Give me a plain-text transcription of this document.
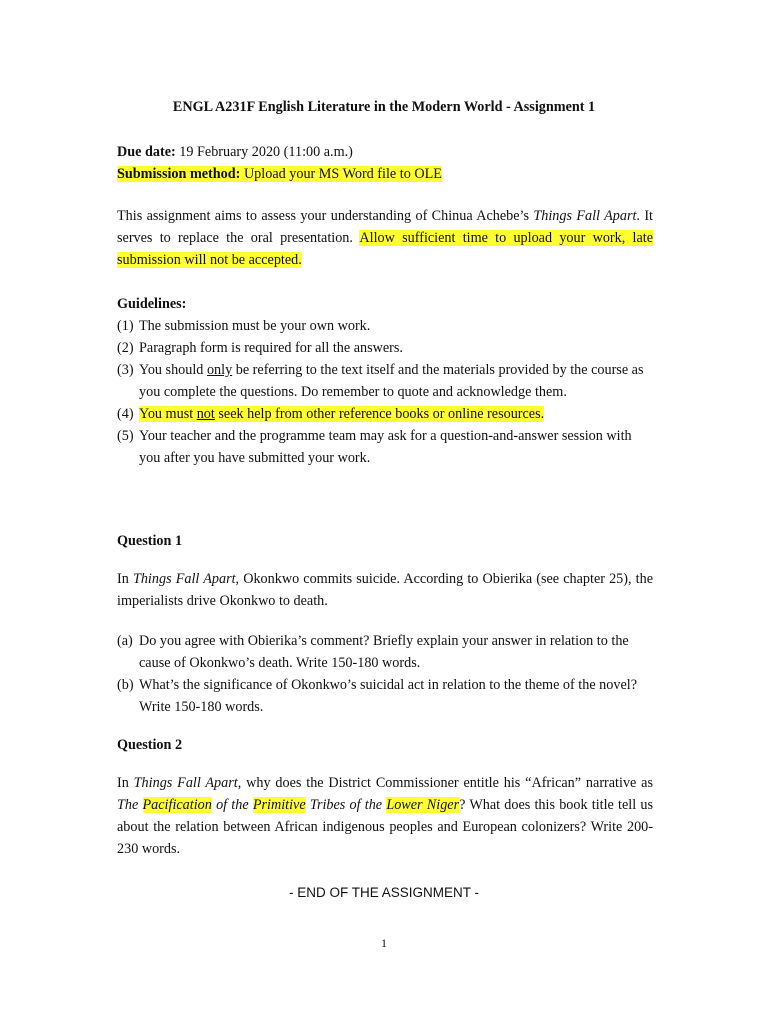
ENGL A231F English Literature in the Modern World - Assignment 1
Due date: 19 February 2020 (11:00 a.m.)
Submission method: Upload your MS Word file to OLE
This assignment aims to assess your understanding of Chinua Achebe’s Things Fall Apart. It serves to replace the oral presentation. Allow sufficient time to upload your work, late submission will not be accepted.
Guidelines:
(1) The submission must be your own work.
(2) Paragraph form is required for all the answers.
(3) You should only be referring to the text itself and the materials provided by the course as you complete the questions. Do remember to quote and acknowledge them.
(4) You must not seek help from other reference books or online resources.
(5) Your teacher and the programme team may ask for a question-and-answer session with you after you have submitted your work.
Question 1
In Things Fall Apart, Okonkwo commits suicide. According to Obierika (see chapter 25), the imperialists drive Okonkwo to death.
(a) Do you agree with Obierika’s comment? Briefly explain your answer in relation to the cause of Okonkwo’s death. Write 150-180 words.
(b) What’s the significance of Okonkwo’s suicidal act in relation to the theme of the novel? Write 150-180 words.
Question 2
In Things Fall Apart, why does the District Commissioner entitle his “African” narrative as The Pacification of the Primitive Tribes of the Lower Niger? What does this book title tell us about the relation between African indigenous peoples and European colonizers? Write 200-230 words.
- END OF THE ASSIGNMENT -
1
